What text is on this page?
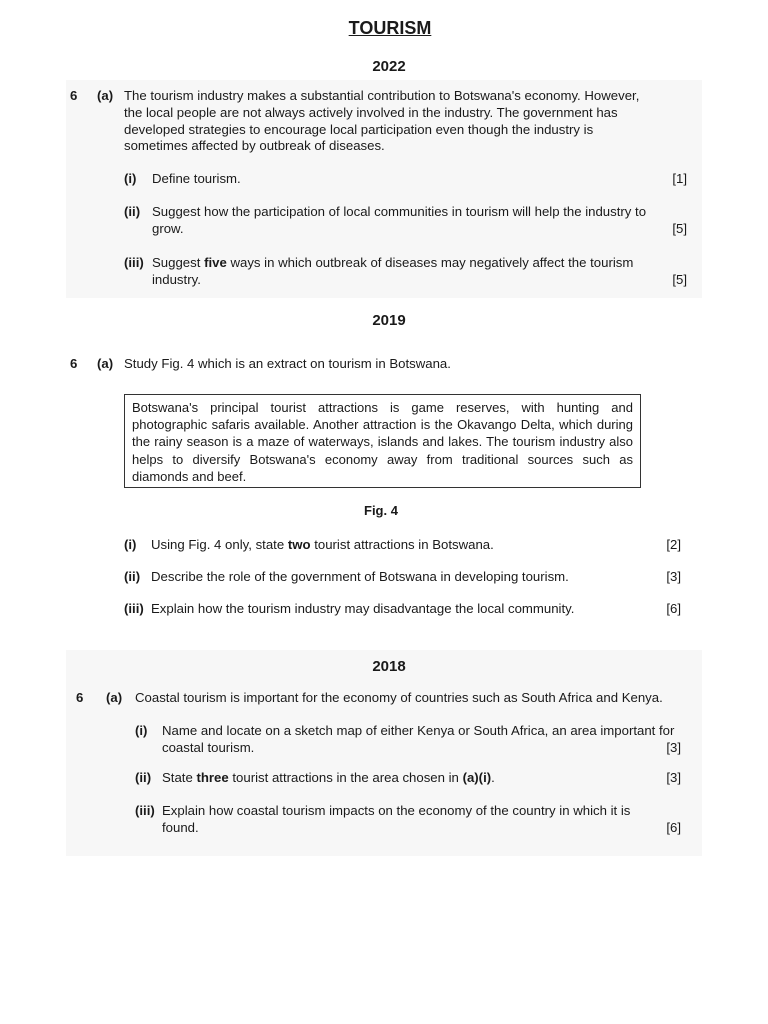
TOURISM
2022
6 (a) The tourism industry makes a substantial contribution to Botswana's economy. However, the local people are not always actively involved in the industry. The government has developed strategies to encourage local participation even though the industry is sometimes affected by outbreak of diseases.
(i) Define tourism.	[1]
(ii) Suggest how the participation of local communities in tourism will help the industry to grow.	[5]
(iii) Suggest five ways in which outbreak of diseases may negatively affect the tourism industry.	[5]
2019
6 (a) Study Fig. 4 which is an extract on tourism in Botswana.
Botswana's principal tourist attractions is game reserves, with hunting and photographic safaris available. Another attraction is the Okavango Delta, which during the rainy season is a maze of waterways, islands and lakes. The tourism industry also helps to diversify Botswana's economy away from traditional sources such as diamonds and beef.
Fig. 4
(i) Using Fig. 4 only, state two tourist attractions in Botswana.	[2]
(ii) Describe the role of the government of Botswana in developing tourism.	[3]
(iii) Explain how the tourism industry may disadvantage the local community.	[6]
2018
6 (a) Coastal tourism is important for the economy of countries such as South Africa and Kenya.
(i) Name and locate on a sketch map of either Kenya or South Africa, an area important for coastal tourism.	[3]
(ii) State three tourist attractions in the area chosen in (a)(i).	[3]
(iii) Explain how coastal tourism impacts on the economy of the country in which it is found.	[6]
